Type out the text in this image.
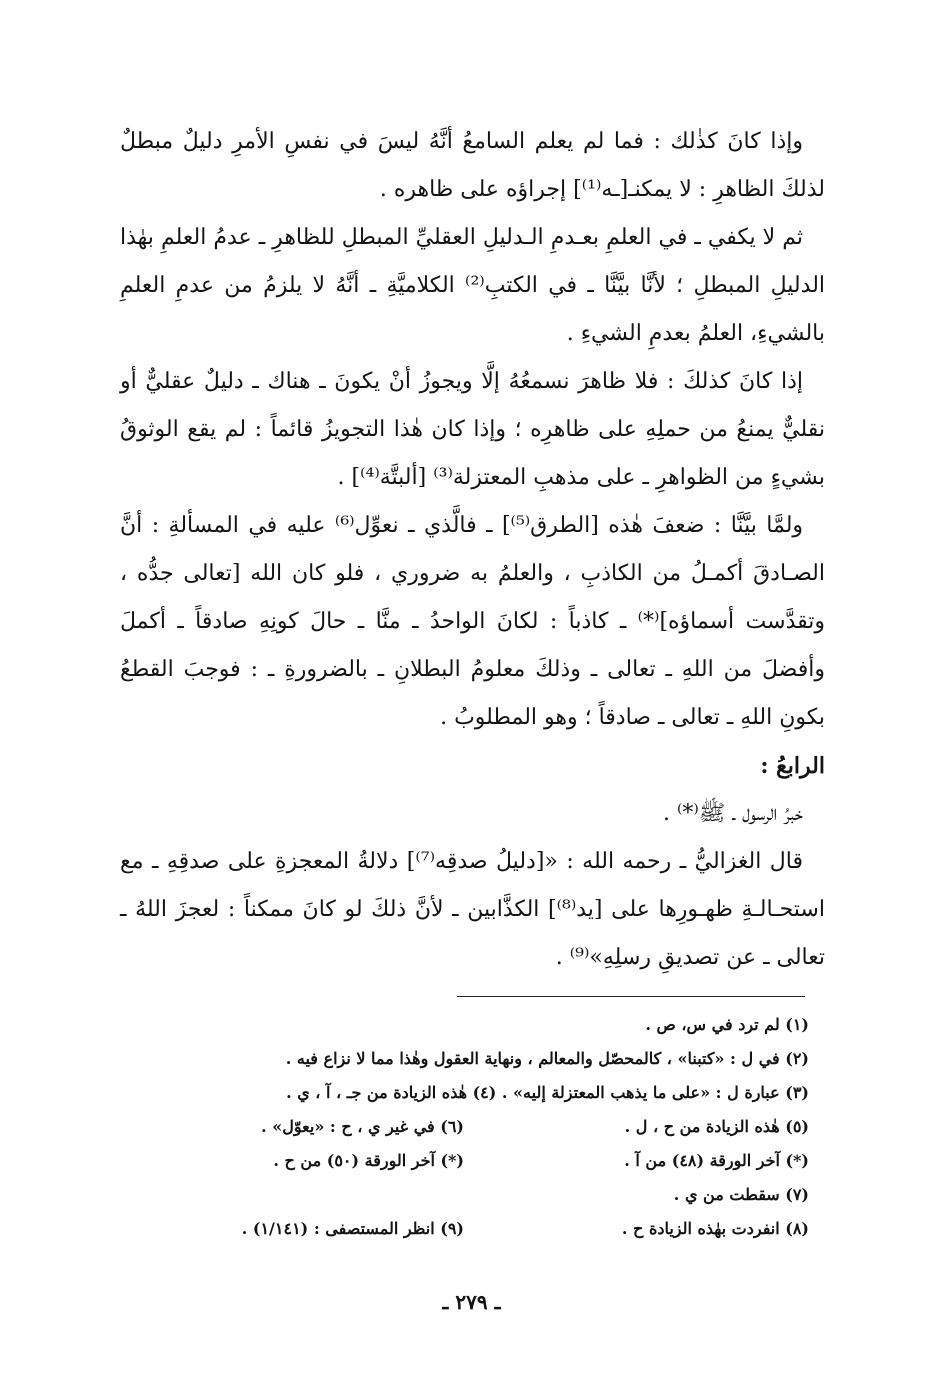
وإذا كانَ كذٰلك : فما لم يعلم السامعُ أنَّهُ ليسَ في نفسِ الأمرِ دليلٌ مبطلٌ لذلكَ الظاهرِ : لا يمكنـ[ـه⁽¹⁾] إجراؤه على ظاهره .

ثم لا يكفي ـ في العلمِ بعـدمِ الـدليلِ العقليِّ المبطلِ للظاهرِ ـ عدمُ العلمِ بهٰذا الدليلِ المبطلِ ؛ لأنَّا بيَّنَّا ـ في الكتبِ⁽²⁾ الكلاميَّةِ ـ أنَّهُ لا يلزمُ من عدمِ العلمِ بالشيءِ، العلمُ بعدمِ الشيءِ .

إذا كانَ كذلكَ : فلا ظاهرَ نسمعُهُ إلَّا ويجوزُ أنْ يكونَ ـ هناك ـ دليلٌ عقليٌّ أو نقليٌّ يمنعُ من حملِهِ على ظاهرِه ؛ وإذا كان هٰذا التجويزُ قائماً : لم يقع الوثوقُ بشيءٍ من الظواهرِ ـ على مذهبِ المعتزلة⁽³⁾ [ألبتَّة⁽⁴⁾] .

ولمَّا بيَّنَّا : ضعفَ هٰذه [الطرق⁽⁵⁾] ـ فالَّذي ـ نعوِّل⁽⁶⁾ عليه في المسألةِ : أنَّ الصـادقَ أكمـلُ من الكاذبِ ، والعلمُ به ضروري ، فلو كان الله [تعالى جدُّه ، وتقدَّست أسماؤه]⁽*⁾ ـ كاذباً : لكانَ الواحدُ ـ منَّا ـ حالَ كونِهِ صادقاً ـ أكملَ وأفضلَ من اللهِ ـ تعالى ـ وذلكَ معلومُ البطلانِ ـ بالضرورةِ ـ : فوجبَ القطعُ بكونِ اللهِ ـ تعالى ـ صادقاً ؛ وهو المطلوبُ .

الرابعُ :

خبرُ الرسول ـ ﷺ⁽*⁾ .

قال الغزاليُّ ـ رحمه الله : «[دليلُ صدقِه⁽⁷⁾] دلالةُ المعجزةِ على صدقِهِ ـ مع استحـالـةِ ظهـورِها على [يد⁽⁸⁾] الكذَّابين ـ لأنَّ ذلكَ لو كانَ ممكناً : لعجزَ اللهُ ـ تعالى ـ عن تصديقِ رسلِهِ»⁽⁹⁾ .

(١) لم ترد في س، ص .
(٢) في ل : «كتبنا» ، كالمحصّل والمعالم ، ونهاية العقول وهٰذا مما لا نزاع فيه .
(٣) عبارة ل : «على ما يذهب المعتزلة إليه» . (٤) هٰذه الزيادة من جـ ، آ ، ي .
(٥) هٰذه الزيادة من ح ، ل .
(٦) في غير ي ، ح : «يعوّل» .
(*) آخر الورقة (٤٨) من آ .
(*) آخر الورقة (٥٠) من ح .
(٧) سقطت من ي .
(٨) انفردت بهٰذه الزيادة ح .
(٩) انظر المستصفى : (١/١٤١) .
ـ ٢٧٩ ـ
